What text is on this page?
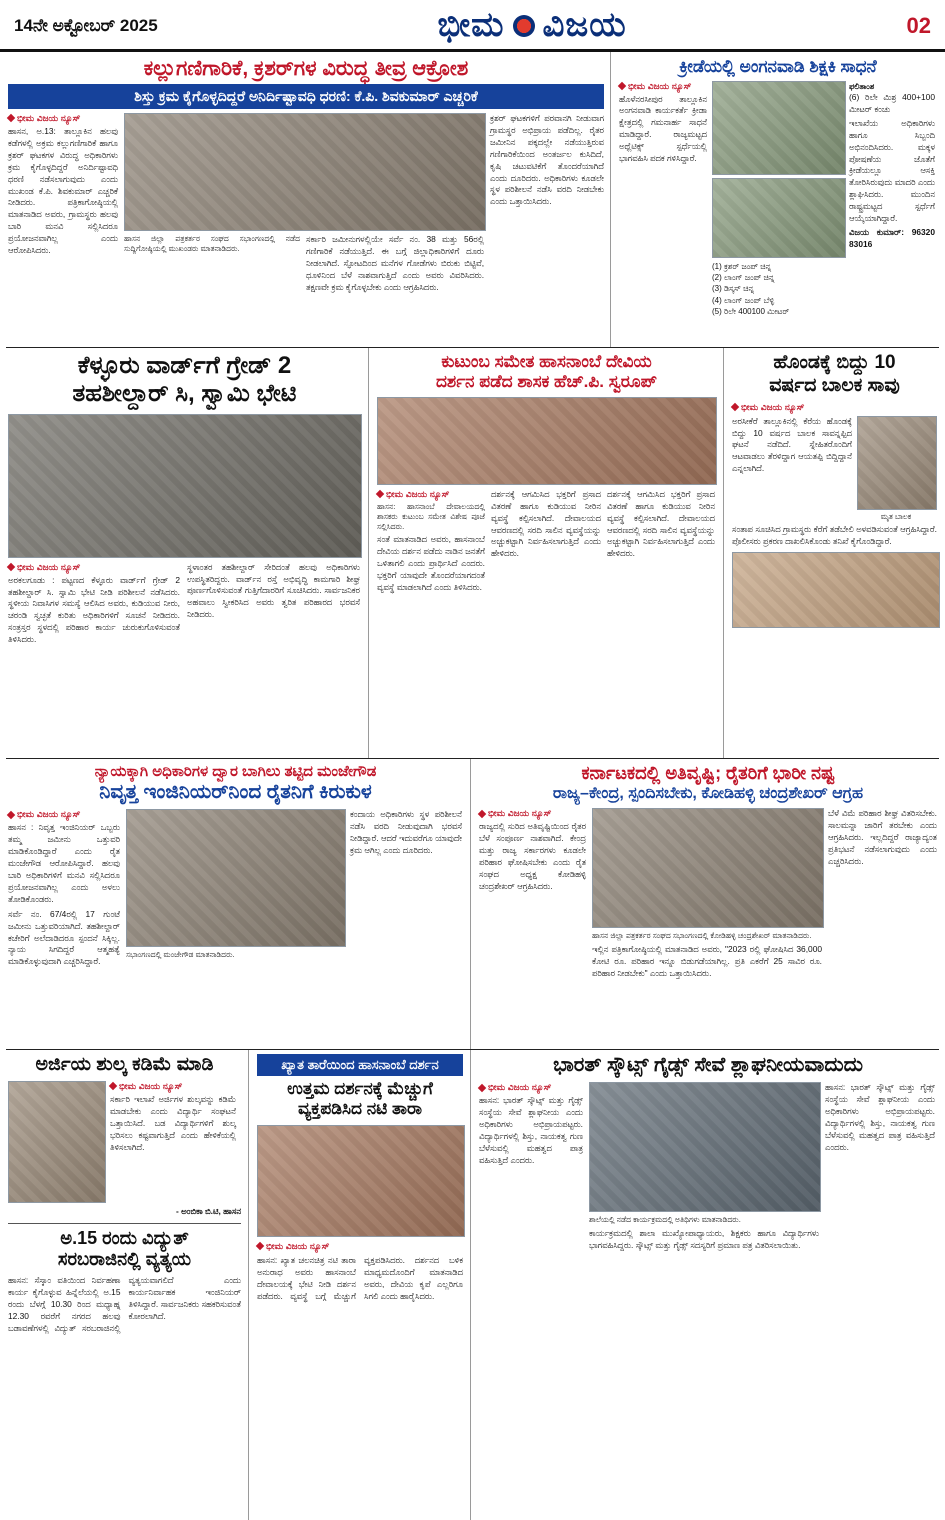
14ನೇ ಅಕ್ಟೋಬರ್ 2025	ಭೀಮ ವಿಜಯ	02
ಕಲ್ಲುಗಣಿಗಾರಿಕೆ, ಕ್ರಶರ್‌ಗಳ ವಿರುದ್ಧ ತೀವ್ರ ಆಕ್ರೋಶ
ಶಿಸ್ತು ಕ್ರಮ ಕೈಗೊಳ್ಳದಿದ್ದರೆ ಅನಿರ್ದಿಷ್ಟಾವಧಿ ಧರಣಿ: ಕೆ.ಪಿ. ಶಿವಕುಮಾರ್ ಎಚ್ಚರಿಕೆ
ಭೀಮ ವಿಜಯ ನ್ಯೂಸ್
ಹಾಸನ, ಅ.13: ತಾಲ್ಲೂಕಿನ ಹಲವು ಕಡೆಗಳಲ್ಲಿ ಅಕ್ರಮ ಕಲ್ಲುಗಣಿಗಾರಿಕೆ ಹಾಗೂ ಕ್ರಶರ್ ಘಟಕಗಳ ವಿರುದ್ಧ ಅಧಿಕಾರಿಗಳು ಕ್ರಮ ಕೈಗೊಳ್ಳದಿದ್ದರೆ ಅನಿರ್ದಿಷ್ಟಾವಧಿ ಧರಣಿ ನಡೆಸಲಾಗುವುದು ಎಂದು ಮುಖಂಡ ಕೆ.ಪಿ. ಶಿವಕುಮಾರ್ ಎಚ್ಚರಿಕೆ ನೀಡಿದರು. ಪತ್ರಿಕಾಗೋಷ್ಠಿಯಲ್ಲಿ ಮಾತನಾಡಿದ ಅವರು, ಗ್ರಾಮಸ್ಥರು ಹಲವು ಬಾರಿ ಮನವಿ ಸಲ್ಲಿಸಿದರೂ ಪ್ರಯೋಜನವಾಗಿಲ್ಲ ಎಂದು ಆರೋಪಿಸಿದರು.
ಹಾಸನ ಜಿಲ್ಲಾ ಪತ್ರಕರ್ತರ ಸಂಘದ ಸಭಾಂಗಣದಲ್ಲಿ ನಡೆದ ಸುದ್ದಿಗೋಷ್ಠಿಯಲ್ಲಿ ಮುಖಂಡರು ಮಾತನಾಡಿದರು.
ಸರ್ಕಾರಿ ಜಮೀನುಗಳಲ್ಲಿಯೇ ಸರ್ವೆ ನಂ. 38 ಮತ್ತು 56ರಲ್ಲಿ ಗಣಿಗಾರಿಕೆ ನಡೆಯುತ್ತಿದೆ. ಈ ಬಗ್ಗೆ ಜಿಲ್ಲಾಧಿಕಾರಿಗಳಿಗೆ ದೂರು ನೀಡಲಾಗಿದೆ. ಸ್ಫೋಟದಿಂದ ಮನೆಗಳ ಗೋಡೆಗಳು ಬಿರುಕು ಬಿಟ್ಟಿವೆ, ಧೂಳಿನಿಂದ ಬೆಳೆ ನಾಶವಾಗುತ್ತಿದೆ ಎಂದು ಅವರು ವಿವರಿಸಿದರು. ತಕ್ಷಣವೇ ಕ್ರಮ ಕೈಗೊಳ್ಳಬೇಕು ಎಂದು ಆಗ್ರಹಿಸಿದರು.
ಕ್ರಶರ್ ಘಟಕಗಳಿಗೆ ಪರವಾನಗಿ ನೀಡುವಾಗ ಗ್ರಾಮಸ್ಥರ ಅಭಿಪ್ರಾಯ ಪಡೆದಿಲ್ಲ. ರೈತರ ಜಮೀನಿನ ಪಕ್ಕದಲ್ಲೇ ನಡೆಯುತ್ತಿರುವ ಗಣಿಗಾರಿಕೆಯಿಂದ ಅಂತರ್ಜಲ ಕುಸಿದಿದೆ, ಕೃಷಿ ಚಟುವಟಿಕೆಗೆ ತೊಂದರೆಯಾಗಿದೆ ಎಂದು ದೂರಿದರು. ಅಧಿಕಾರಿಗಳು ಕೂಡಲೇ ಸ್ಥಳ ಪರಿಶೀಲನೆ ನಡೆಸಿ ವರದಿ ನೀಡಬೇಕು ಎಂದು ಒತ್ತಾಯಿಸಿದರು.
ಕ್ರೀಡೆಯಲ್ಲಿ ಅಂಗನವಾಡಿ ಶಿಕ್ಷಕಿ ಸಾಧನೆ
ಭೀಮ ವಿಜಯ ನ್ಯೂಸ್
ಹೊಳೆನರಸೀಪುರ ತಾಲ್ಲೂಕಿನ ಅಂಗನವಾಡಿ ಕಾರ್ಯಕರ್ತೆ ಕ್ರೀಡಾ ಕ್ಷೇತ್ರದಲ್ಲಿ ಗಮನಾರ್ಹ ಸಾಧನೆ ಮಾಡಿದ್ದಾರೆ. ರಾಜ್ಯಮಟ್ಟದ ಅಥ್ಲೆಟಿಕ್ಸ್ ಸ್ಪರ್ಧೆಯಲ್ಲಿ ಭಾಗವಹಿಸಿ ಪದಕ ಗಳಿಸಿದ್ದಾರೆ.
(1) ಕ್ರಶರ್ ಜಂಪ್ ಚಿನ್ನ
(2) ಲಾಂಗ್ ಜಂಪ್ ಚಿನ್ನ
(3) ಡಿಸ್ಕಸ್ ಚಿನ್ನ
(4) ಲಾಂಗ್ ಜಂಪ್ ಬೆಳ್ಳಿ
(5) ರಿಲೇ 400100 ಮೀಟರ್
ಫಲಿತಾಂಶ
(6) ರಿಲೇ ಮಿಶ್ರ 400+100 ಮೀಟರ್ ಕಂಚು
ಇಲಾಖೆಯ ಅಧಿಕಾರಿಗಳು ಹಾಗೂ ಸಿಬ್ಬಂದಿ ಅಭಿನಂದಿಸಿದರು. ಮಕ್ಕಳ ಪೋಷಣೆಯ ಜೊತೆಗೆ ಕ್ರೀಡೆಯಲ್ಲೂ ಆಸಕ್ತಿ ತೋರಿಸಿರುವುದು ಮಾದರಿ ಎಂದು ಶ್ಲಾಘಿಸಿದರು. ಮುಂದಿನ ರಾಷ್ಟ್ರಮಟ್ಟದ ಸ್ಪರ್ಧೆಗೆ ಆಯ್ಕೆಯಾಗಿದ್ದಾರೆ.
ವಿಜಯ ಕುಮಾರ್: 96320 83016
ಕೆಳ್ಳೂರು ವಾರ್ಡ್‌ಗೆ ಗ್ರೇಡ್ 2
ತಹಶೀಲ್ದಾರ್ ಸಿ, ಸ್ವಾಮಿ ಭೇಟಿ
ಭೀಮ ವಿಜಯ ನ್ಯೂಸ್
ಅರಕಲಗೂಡು : ಪಟ್ಟಣದ ಕೆಳ್ಳೂರು ವಾರ್ಡ್‌ಗೆ ಗ್ರೇಡ್ 2 ತಹಶೀಲ್ದಾರ್ ಸಿ. ಸ್ವಾಮಿ ಭೇಟಿ ನೀಡಿ ಪರಿಶೀಲನೆ ನಡೆಸಿದರು. ಸ್ಥಳೀಯ ನಿವಾಸಿಗಳ ಸಮಸ್ಯೆ ಆಲಿಸಿದ ಅವರು, ಕುಡಿಯುವ ನೀರು, ಚರಂಡಿ ಸ್ವಚ್ಛತೆ ಕುರಿತು ಅಧಿಕಾರಿಗಳಿಗೆ ಸೂಚನೆ ನೀಡಿದರು. ಸಂತ್ರಸ್ತರ ಸ್ಥಳದಲ್ಲಿ ಪರಿಹಾರ ಕಾರ್ಯ ಚುರುಕುಗೊಳಿಸುವಂತೆ ತಿಳಿಸಿದರು.
ಸ್ಥಳಾಂತರ ತಹಶೀಲ್ದಾರ್ ಸೇರಿದಂತೆ ಹಲವು ಅಧಿಕಾರಿಗಳು ಉಪಸ್ಥಿತರಿದ್ದರು. ವಾರ್ಡ್‌ನ ರಸ್ತೆ ಅಭಿವೃದ್ಧಿ ಕಾಮಗಾರಿ ಶೀಘ್ರ ಪೂರ್ಣಗೊಳಿಸುವಂತೆ ಗುತ್ತಿಗೆದಾರರಿಗೆ ಸೂಚಿಸಿದರು. ಸಾರ್ವಜನಿಕರ ಅಹವಾಲು ಸ್ವೀಕರಿಸಿದ ಅವರು ತ್ವರಿತ ಪರಿಹಾರದ ಭರವಸೆ ನೀಡಿದರು.
ಕುಟುಂಬ ಸಮೇತ ಹಾಸನಾಂಬೆ ದೇವಿಯ
ದರ್ಶನ ಪಡೆದ ಶಾಸಕ ಹೆಚ್.ಪಿ. ಸ್ವರೂಪ್
ಭೀಮ ವಿಜಯ ನ್ಯೂಸ್
ಹಾಸನ: ಹಾಸನಾಂಬೆ ದೇವಾಲಯದಲ್ಲಿ ಶಾಸಕರು ಕುಟುಂಬ ಸಮೇತ ವಿಶೇಷ ಪೂಜೆ ಸಲ್ಲಿಸಿದರು.
ಸಂತೆ ಮಾತನಾಡಿದ ಅವರು, ಹಾಸನಾಂಬೆ ದೇವಿಯ ದರ್ಶನ ಪಡೆದು ನಾಡಿನ ಜನತೆಗೆ ಒಳಿತಾಗಲಿ ಎಂದು ಪ್ರಾರ್ಥಿಸಿದೆ ಎಂದರು. ಭಕ್ತರಿಗೆ ಯಾವುದೇ ತೊಂದರೆಯಾಗದಂತೆ ವ್ಯವಸ್ಥೆ ಮಾಡಲಾಗಿದೆ ಎಂದು ತಿಳಿಸಿದರು.
ದರ್ಶನಕ್ಕೆ ಆಗಮಿಸಿದ ಭಕ್ತರಿಗೆ ಪ್ರಸಾದ ವಿತರಣೆ ಹಾಗೂ ಕುಡಿಯುವ ನೀರಿನ ವ್ಯವಸ್ಥೆ ಕಲ್ಪಿಸಲಾಗಿದೆ. ದೇವಾಲಯದ ಆವರಣದಲ್ಲಿ ಸರದಿ ಸಾಲಿನ ವ್ಯವಸ್ಥೆಯನ್ನು ಅಚ್ಚುಕಟ್ಟಾಗಿ ನಿರ್ವಹಿಸಲಾಗುತ್ತಿದೆ ಎಂದು ಹೇಳಿದರು.
ದರ್ಶನಕ್ಕೆ ಆಗಮಿಸಿದ ಭಕ್ತರಿಗೆ ಪ್ರಸಾದ ವಿತರಣೆ ಹಾಗೂ ಕುಡಿಯುವ ನೀರಿನ ವ್ಯವಸ್ಥೆ ಕಲ್ಪಿಸಲಾಗಿದೆ. ದೇವಾಲಯದ ಆವರಣದಲ್ಲಿ ಸರದಿ ಸಾಲಿನ ವ್ಯವಸ್ಥೆಯನ್ನು ಅಚ್ಚುಕಟ್ಟಾಗಿ ನಿರ್ವಹಿಸಲಾಗುತ್ತಿದೆ ಎಂದು ಹೇಳಿದರು.
ಹೊಂಡಕ್ಕೆ ಬಿದ್ದು 10
ವರ್ಷದ ಬಾಲಕ ಸಾವು
ಭೀಮ ವಿಜಯ ನ್ಯೂಸ್
ಅರಸೀಕೆರೆ ತಾಲ್ಲೂಕಿನಲ್ಲಿ ಕೆರೆಯ ಹೊಂಡಕ್ಕೆ ಬಿದ್ದು 10 ವರ್ಷದ ಬಾಲಕ ಸಾವನ್ನಪ್ಪಿದ ಘಟನೆ ನಡೆದಿದೆ. ಸ್ನೇಹಿತರೊಂದಿಗೆ ಆಟವಾಡಲು ತೆರಳಿದ್ದಾಗ ಆಯತಪ್ಪಿ ಬಿದ್ದಿದ್ದಾನೆ ಎನ್ನಲಾಗಿದೆ.
ಮೃತ ಬಾಲಕ
ಸಂತಾಪ ಸೂಚಿಸಿದ ಗ್ರಾಮಸ್ಥರು ಕೆರೆಗೆ ತಡೆಬೇಲಿ ಅಳವಡಿಸುವಂತೆ ಆಗ್ರಹಿಸಿದ್ದಾರೆ. ಪೊಲೀಸರು ಪ್ರಕರಣ ದಾಖಲಿಸಿಕೊಂಡು ತನಿಖೆ ಕೈಗೊಂಡಿದ್ದಾರೆ.
ನ್ಯಾಯಕ್ಕಾಗಿ ಅಧಿಕಾರಿಗಳ ದ್ವಾರ ಬಾಗಿಲು ತಟ್ಟಿದ ಮಂಜೇಗೌಡ
ನಿವೃತ್ತ ಇಂಜಿನಿಯರ್‌ನಿಂದ ರೈತನಿಗೆ ಕಿರುಕುಳ
ಭೀಮ ವಿಜಯ ನ್ಯೂಸ್
ಹಾಸನ : ನಿವೃತ್ತ ಇಂಜಿನಿಯರ್ ಒಬ್ಬರು ತಮ್ಮ ಜಮೀನು ಒತ್ತುವರಿ ಮಾಡಿಕೊಂಡಿದ್ದಾರೆ ಎಂದು ರೈತ ಮಂಜೇಗೌಡ ಆರೋಪಿಸಿದ್ದಾರೆ. ಹಲವು ಬಾರಿ ಅಧಿಕಾರಿಗಳಿಗೆ ಮನವಿ ಸಲ್ಲಿಸಿದರೂ ಪ್ರಯೋಜನವಾಗಿಲ್ಲ ಎಂದು ಅಳಲು ತೋಡಿಕೊಂಡರು.
ಸರ್ವೆ ನಂ. 67/4ರಲ್ಲಿ 17 ಗುಂಟೆ ಜಮೀನು ಒತ್ತುವರಿಯಾಗಿದೆ. ತಹಶೀಲ್ದಾರ್ ಕಚೇರಿಗೆ ಅಲೆದಾಡಿದರೂ ಸ್ಪಂದನೆ ಸಿಕ್ಕಿಲ್ಲ. ನ್ಯಾಯ ಸಿಗದಿದ್ದರೆ ಆತ್ಮಹತ್ಯೆ ಮಾಡಿಕೊಳ್ಳುವುದಾಗಿ ಎಚ್ಚರಿಸಿದ್ದಾರೆ.
ಸಭಾಂಗಣದಲ್ಲಿ ಮಂಜೇಗೌಡ ಮಾತನಾಡಿದರು.
ಕಂದಾಯ ಅಧಿಕಾರಿಗಳು ಸ್ಥಳ ಪರಿಶೀಲನೆ ನಡೆಸಿ ವರದಿ ನೀಡುವುದಾಗಿ ಭರವಸೆ ನೀಡಿದ್ದಾರೆ. ಆದರೆ ಇದುವರೆಗೂ ಯಾವುದೇ ಕ್ರಮ ಆಗಿಲ್ಲ ಎಂದು ದೂರಿದರು.
ಕರ್ನಾಟಕದಲ್ಲಿ ಅತಿವೃಷ್ಟಿ; ರೈತರಿಗೆ ಭಾರೀ ನಷ್ಟ
ರಾಜ್ಯ–ಕೇಂದ್ರ, ಸ್ಪಂದಿಸಬೇಕು, ಕೋಡಿಹಳ್ಳಿ ಚಂದ್ರಶೇಖರ್ ಆಗ್ರಹ
ಭೀಮ ವಿಜಯ ನ್ಯೂಸ್
ರಾಜ್ಯದಲ್ಲಿ ಸುರಿದ ಅತಿವೃಷ್ಟಿಯಿಂದ ರೈತರ ಬೆಳೆ ಸಂಪೂರ್ಣ ನಾಶವಾಗಿದೆ. ಕೇಂದ್ರ ಮತ್ತು ರಾಜ್ಯ ಸರ್ಕಾರಗಳು ಕೂಡಲೇ ಪರಿಹಾರ ಘೋಷಿಸಬೇಕು ಎಂದು ರೈತ ಸಂಘದ ಅಧ್ಯಕ್ಷ ಕೋಡಿಹಳ್ಳಿ ಚಂದ್ರಶೇಖರ್ ಆಗ್ರಹಿಸಿದರು.
ಹಾಸನ ಜಿಲ್ಲಾ ಪತ್ರಕರ್ತರ ಸಂಘದ ಸಭಾಂಗಣದಲ್ಲಿ ಕೋಡಿಹಳ್ಳಿ ಚಂದ್ರಶೇಖರ್ ಮಾತನಾಡಿದರು.
ಇಲ್ಲಿನ ಪತ್ರಿಕಾಗೋಷ್ಠಿಯಲ್ಲಿ ಮಾತನಾಡಿದ ಅವರು, "2023 ರಲ್ಲಿ ಘೋಷಿಸಿದ 36,000 ಕೋಟಿ ರೂ. ಪರಿಹಾರ ಇನ್ನೂ ಬಿಡುಗಡೆಯಾಗಿಲ್ಲ. ಪ್ರತಿ ಎಕರೆಗೆ 25 ಸಾವಿರ ರೂ. ಪರಿಹಾರ ನೀಡಬೇಕು" ಎಂದು ಒತ್ತಾಯಿಸಿದರು.
ಬೆಳೆ ವಿಮೆ ಪರಿಹಾರ ಶೀಘ್ರ ವಿತರಿಸಬೇಕು. ಸಾಲಮನ್ನಾ ಜಾರಿಗೆ ತರಬೇಕು ಎಂದು ಆಗ್ರಹಿಸಿದರು. ಇಲ್ಲದಿದ್ದರೆ ರಾಜ್ಯಾದ್ಯಂತ ಪ್ರತಿಭಟನೆ ನಡೆಸಲಾಗುವುದು ಎಂದು ಎಚ್ಚರಿಸಿದರು.
ಅರ್ಜಿಯ ಶುಲ್ಕ ಕಡಿಮೆ ಮಾಡಿ
ಭೀಮ ವಿಜಯ ನ್ಯೂಸ್
ಸರ್ಕಾರಿ ಇಲಾಖೆ ಅರ್ಜಿಗಳ ಶುಲ್ಕವನ್ನು ಕಡಿಮೆ ಮಾಡಬೇಕು ಎಂದು ವಿದ್ಯಾರ್ಥಿ ಸಂಘಟನೆ ಒತ್ತಾಯಿಸಿದೆ. ಬಡ ವಿದ್ಯಾರ್ಥಿಗಳಿಗೆ ಶುಲ್ಕ ಭರಿಸಲು ಕಷ್ಟವಾಗುತ್ತಿದೆ ಎಂದು ಹೇಳಿಕೆಯಲ್ಲಿ ತಿಳಿಸಲಾಗಿದೆ.
- ಅಂಬಿಕಾ ಬಿ.ಟಿ, ಹಾಸನ
ಅ.15 ರಂದು ವಿದ್ಯುತ್
ಸರಬರಾಜಿನಲ್ಲಿ ವ್ಯತ್ಯಯ
ಹಾಸನ: ಸೆಸ್ಕಾಂ ವತಿಯಿಂದ ನಿರ್ವಹಣಾ ಕಾರ್ಯ ಕೈಗೊಳ್ಳುವ ಹಿನ್ನೆಲೆಯಲ್ಲಿ ಅ.15 ರಂದು ಬೆಳಗ್ಗೆ 10.30 ರಿಂದ ಮಧ್ಯಾಹ್ನ 12.30 ರವರೆಗೆ ನಗರದ ಹಲವು ಬಡಾವಣೆಗಳಲ್ಲಿ ವಿದ್ಯುತ್ ಸರಬರಾಜಿನಲ್ಲಿ ವ್ಯತ್ಯಯವಾಗಲಿದೆ ಎಂದು ಕಾರ್ಯನಿರ್ವಾಹಕ ಇಂಜಿನಿಯರ್ ತಿಳಿಸಿದ್ದಾರೆ. ಸಾರ್ವಜನಿಕರು ಸಹಕರಿಸುವಂತೆ ಕೋರಲಾಗಿದೆ.
ಖ್ಯಾತ ತಾರೆಯಿಂದ ಹಾಸನಾಂಬೆ ದರ್ಶನ
ಉತ್ತಮ ದರ್ಶನಕ್ಕೆ ಮೆಚ್ಚುಗೆ
ವ್ಯಕ್ತಪಡಿಸಿದ ನಟಿ ತಾರಾ
ಭೀಮ ವಿಜಯ ನ್ಯೂಸ್
ಹಾಸನ: ಖ್ಯಾತ ಚಲನಚಿತ್ರ ನಟಿ ತಾರಾ ಅನುರಾಧ ಅವರು ಹಾಸನಾಂಬೆ ದೇವಾಲಯಕ್ಕೆ ಭೇಟಿ ನೀಡಿ ದರ್ಶನ ಪಡೆದರು. ವ್ಯವಸ್ಥೆ ಬಗ್ಗೆ ಮೆಚ್ಚುಗೆ ವ್ಯಕ್ತಪಡಿಸಿದರು. ದರ್ಶನದ ಬಳಿಕ ಮಾಧ್ಯಮದೊಂದಿಗೆ ಮಾತನಾಡಿದ ಅವರು, ದೇವಿಯ ಕೃಪೆ ಎಲ್ಲರಿಗೂ ಸಿಗಲಿ ಎಂದು ಹಾರೈಸಿದರು.
ಭಾರತ್ ಸ್ಕೌಟ್ಸ್ ಗೈಡ್ಸ್ ಸೇವೆ ಶ್ಲಾಘನೀಯವಾದುದು
ಭೀಮ ವಿಜಯ ನ್ಯೂಸ್
ಹಾಸನ: ಭಾರತ್ ಸ್ಕೌಟ್ಸ್ ಮತ್ತು ಗೈಡ್ಸ್ ಸಂಸ್ಥೆಯ ಸೇವೆ ಶ್ಲಾಘನೀಯ ಎಂದು ಅಧಿಕಾರಿಗಳು ಅಭಿಪ್ರಾಯಪಟ್ಟರು. ವಿದ್ಯಾರ್ಥಿಗಳಲ್ಲಿ ಶಿಸ್ತು, ನಾಯಕತ್ವ ಗುಣ ಬೆಳೆಸುವಲ್ಲಿ ಮಹತ್ವದ ಪಾತ್ರ ವಹಿಸುತ್ತಿದೆ ಎಂದರು.
ಶಾಲೆಯಲ್ಲಿ ನಡೆದ ಕಾರ್ಯಕ್ರಮದಲ್ಲಿ ಅತಿಥಿಗಳು ಮಾತನಾಡಿದರು.
ಕಾರ್ಯಕ್ರಮದಲ್ಲಿ ಶಾಲಾ ಮುಖ್ಯೋಪಾಧ್ಯಾಯರು, ಶಿಕ್ಷಕರು ಹಾಗೂ ವಿದ್ಯಾರ್ಥಿಗಳು ಭಾಗವಹಿಸಿದ್ದರು. ಸ್ಕೌಟ್ಸ್ ಮತ್ತು ಗೈಡ್ಸ್ ಸದಸ್ಯರಿಗೆ ಪ್ರಮಾಣ ಪತ್ರ ವಿತರಿಸಲಾಯಿತು.
ಹಾಸನ: ಭಾರತ್ ಸ್ಕೌಟ್ಸ್ ಮತ್ತು ಗೈಡ್ಸ್ ಸಂಸ್ಥೆಯ ಸೇವೆ ಶ್ಲಾಘನೀಯ ಎಂದು ಅಧಿಕಾರಿಗಳು ಅಭಿಪ್ರಾಯಪಟ್ಟರು. ವಿದ್ಯಾರ್ಥಿಗಳಲ್ಲಿ ಶಿಸ್ತು, ನಾಯಕತ್ವ ಗುಣ ಬೆಳೆಸುವಲ್ಲಿ ಮಹತ್ವದ ಪಾತ್ರ ವಹಿಸುತ್ತಿದೆ ಎಂದರು.
